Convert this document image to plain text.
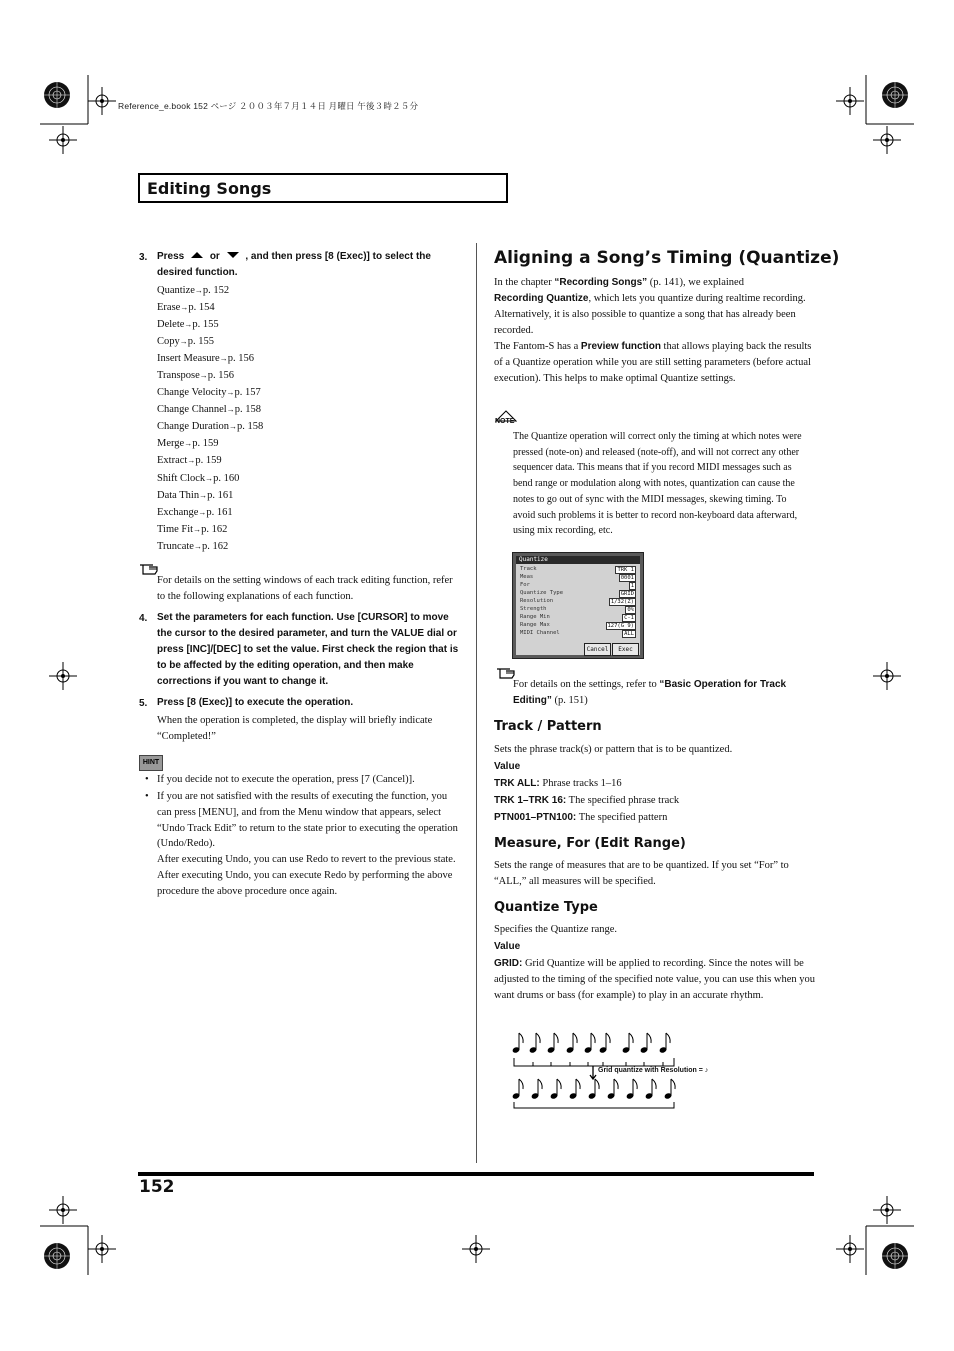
Reference_e.book 152 ページ ２００３年７月１４日 月曜日 午後３時２５分
Editing Songs
3. Press	or	, and then press [8 (Exec)] to select the
desired function.
Quantize→p. 152
Erase→p. 154
Delete→p. 155
Copy→p. 155
Insert Measure→p. 156
Transpose→p. 156
Change Velocity→p. 157
Change Channel→p. 158
Change Duration→p. 158
Merge→p. 159
Extract→p. 159
Shift Clock→p. 160
Data Thin→p. 161
Exchange→p. 161
Time Fit→p. 162
Truncate→p. 162
For details on the setting windows of each track editing function, refer to the following explanations of each function.
4. Set the parameters for each function. Use [CURSOR] to move the cursor to the desired parameter, and turn the VALUE dial or press [INC]/[DEC] to set the value. First check the region that is to be affected by the editing operation, and then make corrections if you want to change it.
5. Press [8 (Exec)] to execute the operation.
When the operation is completed, the display will briefly indicate “Completed!”
HINT
• If you decide not to execute the operation, press [7 (Cancel)].
• If you are not satisfied with the results of executing the function, you can press [MENU], and from the Menu window that appears, select “Undo Track Edit” to return to the state prior to executing the operation (Undo/Redo).
After executing Undo, you can use Redo to revert to the previous state. After executing Undo, you can execute Redo by performing the above procedure the above procedure once again.
Aligning a Song’s Timing (Quantize)
In the chapter “Recording Songs” (p. 141), we explained
Recording Quantize, which lets you quantize during realtime recording. Alternatively, it is also possible to quantize a song that has already been recorded.
The Fantom-S has a Preview function that allows playing back the results of a Quantize operation while you are still setting parameters (before actual execution). This helps to make optimal Quantize settings.
NOTE
The Quantize operation will correct only the timing at which notes were pressed (note-on) and released (note-off), and will not correct any other sequencer data. This means that if you record MIDI messages such as bend range or modulation along with notes, quantization can cause the notes to go out of sync with the MIDI messages, skewing timing. To avoid such problems it is better to record non-keyboard data afterward, using mix recording, etc.
Quantize
Track	TRK 1
Meas	0001
For	1
Quantize Type	GRID
Resolution	1/32(Z)
Strength	0%
Range Min	C-1
Range Max	127(G 9)
MIDI Channel	ALL
Cancel	Exec
For details on the settings, refer to “Basic Operation for Track Editing” (p. 151)
Track / Pattern
Sets the phrase track(s) or pattern that is to be quantized.
Value
TRK ALL: Phrase tracks 1–16
TRK 1–TRK 16: The specified phrase track
PTN001–PTN100: The specified pattern
Measure, For (Edit Range)
Sets the range of measures that are to be quantized. If you set “For” to “ALL,” all measures will be specified.
Quantize Type
Specifies the Quantize range.
Value
GRID: Grid Quantize will be applied to recording. Since the notes will be adjusted to the timing of the specified note value, you can use this when you want drums or bass (for example) to play in an accurate rhythm.
Grid quantize with Resolution = ♪
152
